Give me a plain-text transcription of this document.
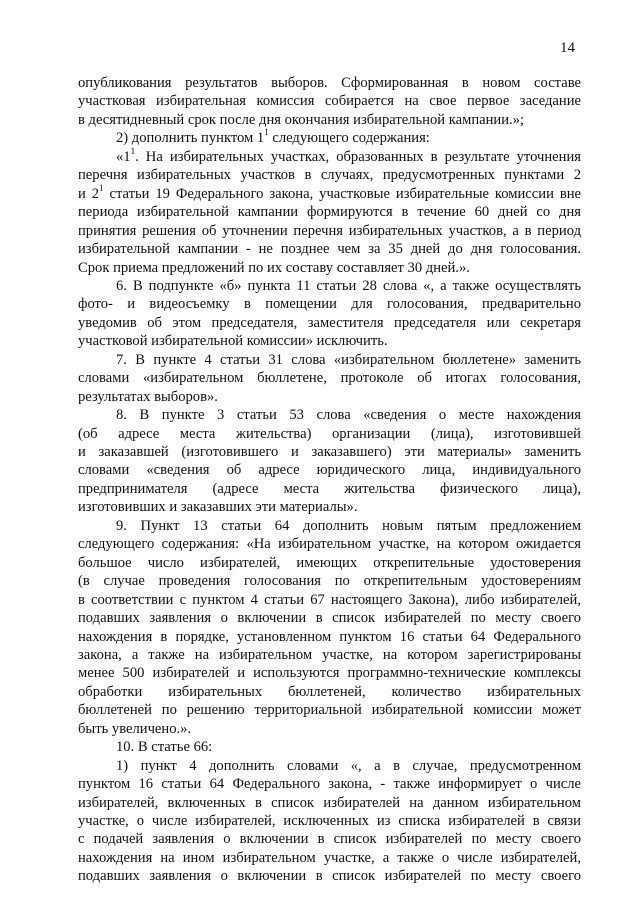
14
опубликования результатов выборов. Сформированная в новом составе
участковая избирательная комиссия собирается на свое первое заседание
в десятидневный срок после дня окончания избирательной кампании.»;
2) дополнить пунктом $1^1$ следующего содержания:
«$1^1$. На избирательных участках, образованных в результате уточнения
перечня избирательных участков в случаях, предусмотренных пунктами 2
и $2^1$ статьи 19 Федерального закона, участковые избирательные комиссии вне
периода избирательной кампании формируются в течение 60 дней со дня
принятия решения об уточнении перечня избирательных участков, а в период
избирательной кампании - не позднее чем за 35 дней до дня голосования.
Срок приема предложений по их составу составляет 30 дней.».
6. В подпункте «б» пункта 11 статьи 28 слова «, а также осуществлять
фото- и видеосъемку в помещении для голосования, предварительно
уведомив об этом председателя, заместителя председателя или секретаря
участковой избирательной комиссии» исключить.
7. В пункте 4 статьи 31 слова «избирательном бюллетене» заменить
словами «избирательном бюллетене, протоколе об итогах голосования,
результатах выборов».
8. В пункте 3 статьи 53 слова «сведения о месте нахождения
(об адресе места жительства) организации (лица), изготовившей
и заказавшей (изготовившего и заказавшего) эти материалы» заменить
словами «сведения об адресе юридического лица, индивидуального
предпринимателя (адресе места жительства физического лица),
изготовивших и заказавших эти материалы».
9. Пункт 13 статьи 64 дополнить новым пятым предложением
следующего содержания: «На избирательном участке, на котором ожидается
большое число избирателей, имеющих открепительные удостоверения
(в случае проведения голосования по открепительным удостоверениям
в соответствии с пунктом 4 статьи 67 настоящего Закона), либо избирателей,
подавших заявления о включении в список избирателей по месту своего
нахождения в порядке, установленном пунктом 16 статьи 64 Федерального
закона, а также на избирательном участке, на котором зарегистрированы
менее 500 избирателей и используются программно-технические комплексы
обработки избирательных бюллетеней, количество избирательных
бюллетеней по решению территориальной избирательной комиссии может
быть увеличено.».
10. В статье 66:
1) пункт 4 дополнить словами «, а в случае, предусмотренном
пунктом 16 статьи 64 Федерального закона, - также информирует о числе
избирателей, включенных в список избирателей на данном избирательном
участке, о числе избирателей, исключенных из списка избирателей в связи
с подачей заявления о включении в список избирателей по месту своего
нахождения на ином избирательном участке, а также о числе избирателей,
подавших заявления о включении в список избирателей по месту своего
